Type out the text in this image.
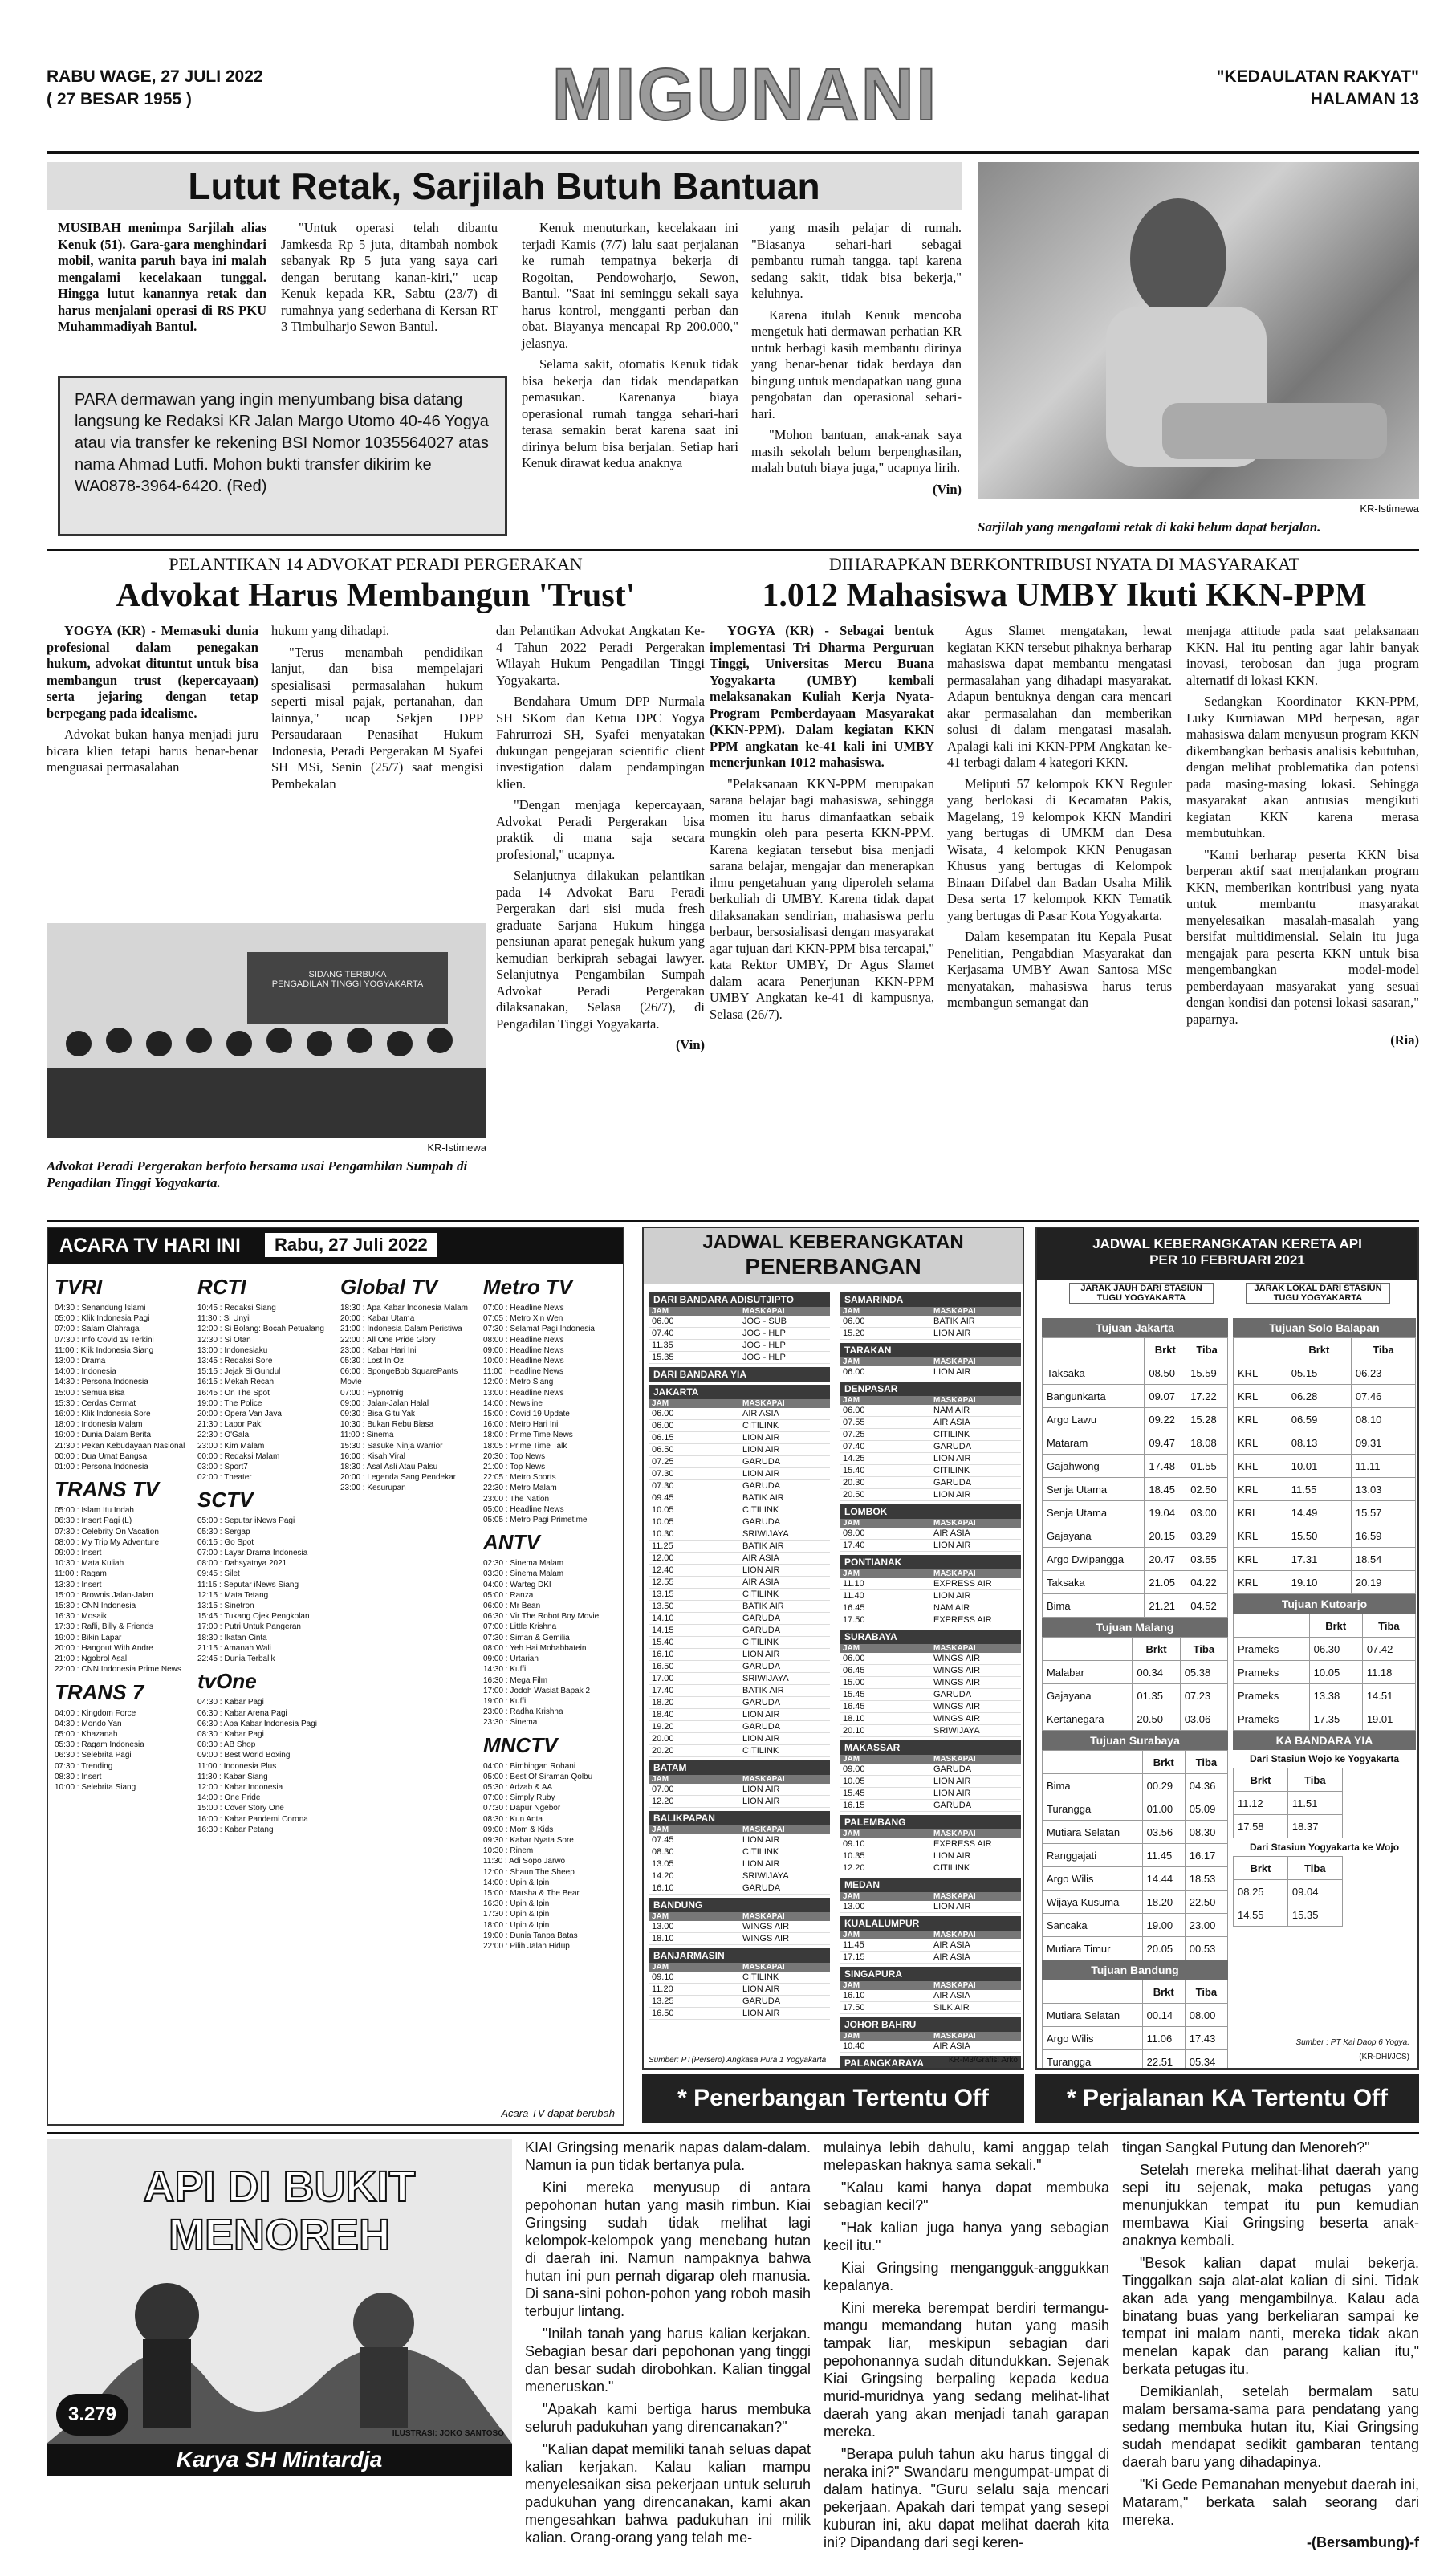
RABU WAGE, 27 JULI 2022
( 27 BESAR 1955 )	MIGUNANI	"KEDAULATAN RAKYAT"
HALAMAN 13
Lutut Retak, Sarjilah Butuh Bantuan

MUSIBAH menimpa Sarjilah alias Kenuk (51). Gara-gara menghindari mobil, wanita paruh baya ini malah mengalami kecelakaan tunggal. Hingga lutut kanannya retak dan harus menjalani operasi di RS PKU Muhammadiyah Bantul.

"Untuk operasi telah dibantu Jamkesda Rp 5 juta, ditambah nombok sebanyak Rp 5 juta yang saya cari dengan berutang kanan-kiri," ucap Kenuk kepada KR, Sabtu (23/7) di rumahnya yang sederhana di Kersan RT 3 Timbulharjo Sewon Bantul.

Kenuk menuturkan, kecelakaan ini terjadi Kamis (7/7) lalu saat perjalanan ke rumah tempatnya bekerja di Rogoitan, Pendowoharjo, Sewon, Bantul. "Saat ini seminggu sekali saya harus kontrol, mengganti perban dan obat. Biayanya mencapai Rp 200.000," jelasnya.

Selama sakit, otomatis Kenuk tidak bisa bekerja dan tidak mendapatkan pemasukan. Karenanya biaya operasional rumah tangga sehari-hari terasa semakin berat karena saat ini dirinya belum bisa berjalan. Setiap hari Kenuk dirawat kedua anaknya

yang masih pelajar di rumah. "Biasanya sehari-hari sebagai pembantu rumah tangga. tapi karena sedang sakit, tidak bisa bekerja," keluhnya.

Karena itulah Kenuk mencoba mengetuk hati dermawan perhatian KR untuk berbagi kasih membantu dirinya yang benar-benar tidak berdaya dan bingung untuk mendapatkan uang guna pengobatan dan operasional sehari-hari.

"Mohon bantuan, anak-anak saya masih sekolah belum berpenghasilan, malah butuh biaya juga," ucapnya lirih.

(Vin)

PARA dermawan yang ingin menyumbang bisa datang langsung ke Redaksi KR Jalan Margo Utomo 40-46 Yogya atau via transfer ke rekening BSI Nomor 1035564027 atas nama Ahmad Lutfi. Mohon bukti transfer dikirim ke WA0878-3964-6420. (Red)
KR-Istimewa
Sarjilah yang mengalami retak di kaki belum dapat berjalan.
PELANTIKAN 14 ADVOKAT PERADI PERGERAKAN
Advokat Harus Membangun 'Trust'

YOGYA (KR) - Memasuki dunia profesional dalam penegakan hukum, advokat dituntut untuk bisa membangun trust (kepercayaan) serta jejaring dengan tetap berpegang pada idealisme.

Advokat bukan hanya menjadi juru bicara klien tetapi harus benar-benar menguasai permasalahan

hukum yang dihadapi.

"Terus menambah pendidikan lanjut, dan bisa mempelajari spesialisasi permasalahan hukum seperti misal pajak, pertanahan, dan lainnya," ucap Sekjen DPP Persaudaraan Penasihat Hukum Indonesia, Peradi Pergerakan M Syafei SH MSi, Senin (25/7) saat mengisi Pembekalan

dan Pelantikan Advokat Angkatan Ke-4 Tahun 2022 Peradi Pergerakan Wilayah Hukum Pengadilan Tinggi Yogyakarta.

Bendahara Umum DPP Nurmala SH SKom dan Ketua DPC Yogya Fahrurrozi SH, Syafei menyatakan dukungan pengejaran scientific client investigation dalam pendampingan klien.

"Dengan menjaga kepercayaan, Advokat Peradi Pergerakan bisa praktik di mana saja secara profesional," ucapnya.

Selanjutnya dilakukan pelantikan pada 14 Advokat Baru Peradi Pergerakan dari sisi muda fresh graduate Sarjana Hukum hingga pensiunan aparat penegak hukum yang kemudian berkiprah sebagai lawyer. Selanjutnya Pengambilan Sumpah Advokat Peradi Pergerakan dilaksanakan, Selasa (26/7), di Pengadilan Tinggi Yogyakarta.

(Vin)

SIDANG TERBUKA
PENGADILAN TINGGI YOGYAKARTA
KR-Istimewa
Advokat Peradi Pergerakan berfoto bersama usai Pengambilan Sumpah di Pengadilan Tinggi Yogyakarta.
DIHARAPKAN BERKONTRIBUSI NYATA DI MASYARAKAT
1.012 Mahasiswa UMBY Ikuti KKN-PPM

YOGYA (KR) - Sebagai bentuk implementasi Tri Dharma Perguruan Tinggi, Universitas Mercu Buana Yogyakarta (UMBY) kembali melaksanakan Kuliah Kerja Nyata-Program Pemberdayaan Masyarakat (KKN-PPM). Dalam kegiatan KKN PPM angkatan ke-41 kali ini UMBY menerjunkan 1012 mahasiswa.

"Pelaksanaan KKN-PPM merupakan sarana belajar bagi mahasiswa, sehingga momen itu harus dimanfaatkan sebaik mungkin oleh para peserta KKN-PPM. Karena kegiatan tersebut bisa menjadi sarana belajar, mengajar dan menerapkan ilmu pengetahuan yang diperoleh selama berkuliah di UMBY. Karena tidak dapat dilaksanakan sendirian, mahasiswa perlu berbaur, bersosialisasi dengan masyarakat agar tujuan dari KKN-PPM bisa tercapai," kata Rektor UMBY, Dr Agus Slamet dalam acara Penerjunan KKN-PPM UMBY Angkatan ke-41 di kampusnya, Selasa (26/7).

Agus Slamet mengatakan, lewat kegiatan KKN tersebut pihaknya berharap mahasiswa dapat membantu mengatasi permasalahan yang dihadapi masyarakat. Adapun bentuknya dengan cara mencari akar permasalahan dan memberikan solusi di dalam mengatasi masalah. Apalagi kali ini KKN-PPM Angkatan ke-41 terbagi dalam 4 kategori KKN.

Meliputi 57 kelompok KKN Reguler yang berlokasi di Kecamatan Pakis, Magelang, 19 kelompok KKN Mandiri yang bertugas di UMKM dan Desa Wisata, 4 kelompok KKN Penugasan Khusus yang bertugas di Kelompok Binaan Difabel dan Badan Usaha Milik Desa serta 17 kelompok KKN Tematik yang bertugas di Pasar Kota Yogyakarta.

Dalam kesempatan itu Kepala Pusat Penelitian, Pengabdian Masyarakat dan Kerjasama UMBY Awan Santosa MSc menyatakan, mahasiswa harus terus membangun semangat dan

menjaga attitude pada saat pelaksanaan KKN. Hal itu penting agar lahir banyak inovasi, terobosan dan juga program alternatif di lokasi KKN.

Sedangkan Koordinator KKN-PPM, Luky Kurniawan MPd berpesan, agar mahasiswa dalam menyusun program KKN dikembangkan berbasis analisis kebutuhan, dengan melihat problematika dan potensi pada masing-masing lokasi. Sehingga masyarakat akan antusias mengikuti kegiatan KKN karena merasa membutuhkan.

"Kami berharap peserta KKN bisa berperan aktif saat menjalankan program KKN, memberikan kontribusi yang nyata untuk membantu masyarakat menyelesaikan masalah-masalah yang bersifat multidimensial. Selain itu juga mengajak para peserta KKN untuk bisa mengembangkan model-model pemberdayaan masyarakat yang sesuai dengan kondisi dan potensi lokasi sasaran," paparnya.

(Ria)

ACARA TV HARI INI	Rabu, 27 Juli 2022
TVRI
04:30 : Senandung Islami
05:00 : Klik Indonesia Pagi
07:00 : Salam Olahraga
07:30 : Info Covid 19 Terkini
11:00 : Klik Indonesia Siang
13:00 : Drama
14:00 : Indonesia
14:30 : Persona Indonesia
15:00 : Semua Bisa
15:30 : Cerdas Cermat
16:00 : Klik Indonesia Sore
18:00 : Indonesia Malam
19:00 : Dunia Dalam Berita
21:30 : Pekan Kebudayaan Nasional
00:00 : Dua Umat Bangsa
01:00 : Persona Indonesia
TRANS TV
05:00 : Islam Itu Indah
06:30 : Insert Pagi (L)
07:30 : Celebrity On Vacation
08:00 : My Trip My Adventure
09:00 : Insert
10:30 : Mata Kuliah
11:00 : Ragam
13:30 : Insert
15:00 : Brownis Jalan-Jalan
15:30 : CNN Indonesia
16:30 : Mosaik
17:30 : Rafli, Billy & Friends
19:00 : Bikin Lapar
20:00 : Hangout With Andre
21:00 : Ngobrol Asal
22:00 : CNN Indonesia Prime News
TRANS 7
04:00 : Kingdom Force
04:30 : Mondo Yan
05:00 : Khazanah
05:30 : Ragam Indonesia
06:30 : Selebrita Pagi
07:30 : Trending
08:30 : Insert
10:00 : Selebrita Siang
RCTI
10:45 : Redaksi Siang
11:30 : Si Unyil
12:00 : Si Bolang: Bocah Petualang
12:30 : Si Otan
13:00 : Indonesiaku
13:45 : Redaksi Sore
15:15 : Jejak Si Gundul
16:15 : Mekah Recah
16:45 : On The Spot
19:00 : The Police
20:00 : Opera Van Java
21:30 : Lapor Pak!
22:30 : O'Gala
23:00 : Kim Malam
00:00 : Redaksi Malam
03:00 : Sport7
02:00 : Theater
SCTV
05:00 : Seputar iNews Pagi
05:30 : Sergap
06:15 : Go Spot
07:00 : Layar Drama Indonesia
08:00 : Dahsyatnya 2021
09:45 : Silet
11:15 : Seputar iNews Siang
12:15 : Mata Tetang
13:15 : Sinetron
15:45 : Tukang Ojek Pengkolan
17:00 : Putri Untuk Pangeran
18:30 : Ikatan Cinta
21:15 : Amanah Wali
22:45 : Dunia Terbalik
tvOne
04:30 : Kabar Pagi
06:30 : Kabar Arena Pagi
06:30 : Apa Kabar Indonesia Pagi
08:30 : Kabar Pagi
08:30 : AB Shop
09:00 : Best World Boxing
11:00 : Indonesia Plus
11:30 : Kabar Siang
12:00 : Kabar Indonesia
14:00 : One Pride
15:00 : Cover Story One
16:00 : Kabar Pandemi Corona
16:30 : Kabar Petang
Global TV
18:30 : Apa Kabar Indonesia Malam
20:00 : Kabar Utama
21:00 : Indonesia Dalam Peristiwa
22:00 : All One Pride Glory
23:00 : Kabar Hari Ini
05:30 : Lost In Oz
06:00 : SpongeBob SquarePants Movie
07:00 : Hypnotnig
09:00 : Jalan-Jalan Halal
09:30 : Bisa Gitu Yak
10:30 : Bukan Rebu Biasa
11:00 : Sinema
15:30 : Sasuke Ninja Warrior
16:00 : Kisah Viral
18:30 : Asal Asli Atau Palsu
20:00 : Legenda Sang Pendekar
23:00 : Kesurupan
Metro TV
07:00 : Headline News
07:05 : Metro Xin Wen
07:30 : Selamat Pagi Indonesia
08:00 : Headline News
09:00 : Headline News
10:00 : Headline News
11:00 : Headline News
12:00 : Metro Siang
13:00 : Headline News
14:00 : Newsline
15:00 : Covid 19 Update
16:00 : Metro Hari Ini
18:00 : Prime Time News
18:05 : Prime Time Talk
20:30 : Top News
21:00 : Top News
22:05 : Metro Sports
22:30 : Metro Malam
23:00 : The Nation
05:00 : Headline News
05:05 : Metro Pagi Primetime
ANTV
02:30 : Sinema Malam
03:30 : Sinema Malam
04:00 : Warteg DKI
05:00 : Ranza
06:00 : Mr Bean
06:30 : Vir The Robot Boy Movie
07:00 : Little Krishna
07:30 : Siman & Gemilia
08:00 : Yeh Hai Mohabbatein
09:00 : Urtarian
14:30 : Kuffi
16:30 : Mega Film
17:00 : Jodoh Wasiat Bapak 2
19:00 : Kuffi
23:00 : Radha Krishna
23:30 : Sinema
MNCTV
04:00 : Bimbingan Rohani
05:00 : Best Of Siraman Qolbu
05:30 : Adzab & AA
07:00 : Simply Ruby
07:30 : Dapur Ngebor
08:30 : Kun Anta
09:00 : Mom & Kids
09:30 : Kabar Nyata Sore
10:30 : Rinem
11:30 : Adi Sopo Jarwo
12:00 : Shaun The Sheep
14:00 : Upin & Ipin
15:00 : Marsha & The Bear
16:30 : Upin & Ipin
17:30 : Upin & Ipin
18:00 : Upin & Ipin
19:00 : Dunia Tanpa Batas
22:00 : Pilih Jalan Hidup
Acara TV dapat berubah
JADWAL KEBERANGKATAN
PENERBANGAN
DARI BANDARA ADISUTJIPTO
JAM	MASKAPAI
06.00	JOG - SUB
07.40	JOG - HLP
11.35	JOG - HLP
15.35	JOG - HLP
DARI BANDARA YIA
JAKARTA
JAM	MASKAPAI
06.00	AIR ASIA
06.00	CITILINK
06.15	LION AIR
06.50	LION AIR
07.25	GARUDA
07.30	LION AIR
07.30	GARUDA
09.45	BATIK AIR
10.05	CITILINK
10.05	GARUDA
10.30	SRIWIJAYA
11.25	BATIK AIR
12.00	AIR ASIA
12.40	LION AIR
12.55	AIR ASIA
13.15	CITILINK
13.50	BATIK AIR
14.10	GARUDA
14.15	GARUDA
15.40	CITILINK
16.10	LION AIR
16.50	GARUDA
17.00	SRIWIJAYA
17.40	BATIK AIR
18.20	GARUDA
18.40	LION AIR
19.20	GARUDA
20.00	LION AIR
20.20	CITILINK
BATAM
JAM	MASKAPAI
07.00	LION AIR
12.20	LION AIR
BALIKPAPAN
JAM	MASKAPAI
07.45	LION AIR
08.30	CITILINK
13.05	LION AIR
14.20	SRIWIJAYA
16.10	GARUDA
BANDUNG
JAM	MASKAPAI
13.00	WINGS AIR
18.10	WINGS AIR
BANJARMASIN
JAM	MASKAPAI
09.10	CITILINK
11.20	LION AIR
13.25	GARUDA
16.50	LION AIR
SAMARINDA
JAM	MASKAPAI
06.00	BATIK AIR
15.20	LION AIR
TARAKAN
JAM	MASKAPAI
06.00	LION AIR
DENPASAR
JAM	MASKAPAI
06.00	NAM AIR
07.55	AIR ASIA
07.25	CITILINK
07.40	GARUDA
14.25	LION AIR
15.40	CITILINK
20.30	GARUDA
20.50	LION AIR
LOMBOK
JAM	MASKAPAI
09.00	AIR ASIA
17.40	LION AIR
PONTIANAK
JAM	MASKAPAI
11.10	EXPRESS AIR
11.40	LION AIR
16.45	NAM AIR
17.50	EXPRESS AIR
SURABAYA
JAM	MASKAPAI
06.00	WINGS AIR
06.45	WINGS AIR
15.00	WINGS AIR
15.45	GARUDA
16.45	WINGS AIR
18.10	WINGS AIR
20.10	SRIWIJAYA
MAKASSAR
JAM	MASKAPAI
09.00	GARUDA
10.05	LION AIR
15.45	LION AIR
16.15	GARUDA
PALEMBANG
JAM	MASKAPAI
09.10	EXPRESS AIR
10.35	LION AIR
12.20	CITILINK
MEDAN
JAM	MASKAPAI
13.00	LION AIR
KUALALUMPUR
JAM	MASKAPAI
11.45	AIR ASIA
17.15	AIR ASIA
SINGAPURA
JAM	MASKAPAI
16.10	AIR ASIA
17.50	SILK AIR
JOHOR BAHRU
JAM	MASKAPAI
10.40	AIR ASIA
PALANGKARAYA
Sumber: PT(Persero) Angkasa Pura 1 Yogyakarta	KR-M3/Grafis: Arko
* Penerbangan Tertentu Off
JADWAL KEBERANGKATAN KERETA API
PER 10 FEBRUARI 2021
JARAK JAUH DARI STASIUN
TUGU YOGYAKARTA
JARAK LOKAL DARI STASIUN
TUGU YOGYAKARTA
Tujuan Jakarta
	Brkt	Tiba
Taksaka	08.50	15.59
Bangunkarta	09.07	17.22
Argo Lawu	09.22	15.28
Mataram	09.47	18.08
Gajahwong	17.48	01.55
Senja Utama	18.45	02.50
Senja Utama	19.04	03.00
Gajayana	20.15	03.29
Argo Dwipangga	20.47	03.55
Taksaka	21.05	04.22
Bima	21.21	04.52
Tujuan Malang
	Brkt	Tiba
Malabar	00.34	05.38
Gajayana	01.35	07.23
Kertanegara	20.50	03.06
Tujuan Surabaya
	Brkt	Tiba
Bima	00.29	04.36
Turangga	01.00	05.09
Mutiara Selatan	03.56	08.30
Ranggajati	11.45	16.17
Argo Wilis	14.44	18.53
Wijaya Kusuma	18.20	22.50
Sancaka	19.00	23.00
Mutiara Timur	20.05	00.53
Tujuan Bandung
	Brkt	Tiba
Mutiara Selatan	00.14	08.00
Argo Wilis	11.06	17.43
Turangga	22.51	05.34

Tujuan Solo Balapan
	Brkt	Tiba
KRL	05.15	06.23
KRL	06.28	07.46
KRL	06.59	08.10
KRL	08.13	09.31
KRL	10.01	11.11
KRL	11.55	13.03
KRL	14.49	15.57
KRL	15.50	16.59
KRL	17.31	18.54
KRL	19.10	20.19
Tujuan Kutoarjo
	Brkt	Tiba
Prameks	06.30	07.42
Prameks	10.05	11.18
Prameks	13.38	14.51
Prameks	17.35	19.01
KA BANDARA YIA
Dari Stasiun Wojo ke Yogyakarta
Brkt	Tiba
11.12	11.51
17.58	18.37
Dari Stasiun Yogyakarta ke Wojo
Brkt	Tiba
08.25	09.04
14.55	15.35
Sumber : PT Kai Daop 6 Yogya.
(KR-DHI/JCS)
* Perjalanan KA Tertentu Off
API DI BUKIT MENOREH
3.279
ILUSTRASI: JOKO SANTOSO
Karya SH Mintardja

KIAI Gringsing menarik napas dalam-dalam. Namun ia pun tidak bertanya pula.

Kini mereka menyusup di antara pepohonan hutan yang masih rimbun. Kiai Gringsing sudah tidak melihat lagi kelompok-kelompok yang menebang hutan di daerah ini. Namun nampaknya bahwa hutan ini pun pernah digarap oleh manusia. Di sana-sini pohon-pohon yang roboh masih terbujur lintang.

"Inilah tanah yang harus kalian kerjakan. Sebagian besar dari pepohonan yang tinggi dan besar sudah dirobohkan. Kalian tinggal meneruskan."

"Apakah kami bertiga harus membuka seluruh padukuhan yang direncanakan?"

"Kalian dapat memiliki tanah seluas dapat kalian kerjakan. Kalau kalian mampu menyelesaikan sisa pekerjaan untuk seluruh padukuhan yang direncanakan, kami akan mengesahkan bahwa padukuhan ini milik kalian. Orang-orang yang telah me-

mulainya lebih dahulu, kami anggap telah melepaskan haknya sama sekali."

"Kalau kami hanya dapat membuka sebagian kecil?"

"Hak kalian juga hanya yang sebagian kecil itu."

Kiai Gringsing mengangguk-anggukkan kepalanya.

Kini mereka berempat berdiri termangu-mangu memandang hutan yang masih tampak liar, meskipun sebagian dari pepohonannya sudah ditundukkan. Sejenak Kiai Gringsing berpaling kepada kedua murid-muridnya yang sedang melihat-lihat daerah yang akan menjadi tanah garapan mereka.

"Berapa puluh tahun aku harus tinggal di neraka ini?" Swandaru mengumpat-umpat di dalam hatinya. "Guru selalu saja mencari pekerjaan. Apakah dari tempat yang sesepi kuburan ini, aku dapat melihat daerah kita ini? Dipandang dari segi keren-

tingan Sangkal Putung dan Menoreh?"

Setelah mereka melihat-lihat daerah yang sepi itu sejenak, maka petugas yang menunjukkan tempat itu pun kemudian membawa Kiai Gringsing beserta anak-anaknya kembali.

"Besok kalian dapat mulai bekerja. Tinggalkan saja alat-alat kalian di sini. Tidak akan ada yang mengambilnya. Kalau ada binatang buas yang berkeliaran sampai ke tempat ini malam nanti, mereka tidak akan menelan kapak dan parang kalian itu," berkata petugas itu.

Demikianlah, setelah bermalam satu malam bersama-sama para pendatang yang sedang membuka hutan itu, Kiai Gringsing sudah mendapat sedikit gambaran tentang daerah baru yang dihadapinya.

"Ki Gede Pemanahan menyebut daerah ini, Mataram," berkata salah seorang dari mereka.

-(Bersambung)-f
